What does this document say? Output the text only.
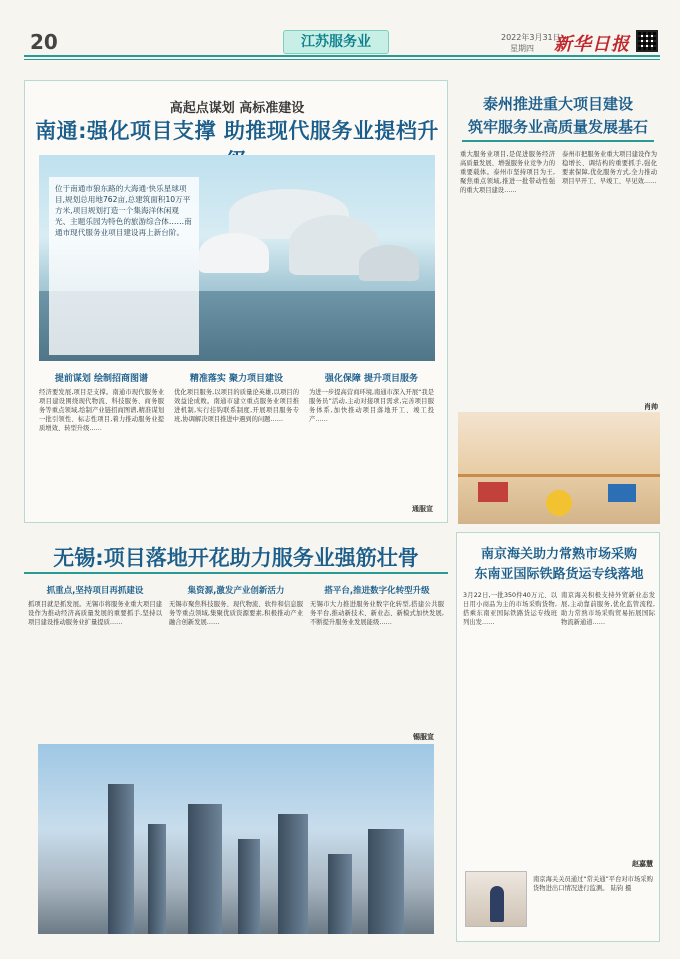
20	江苏服务业	2022年3月31日
星期四 新华日报
高起点谋划 高标准建设
南通:强化项目支撑 助推现代服务业提档升
位于南通市狼东路的大海通·快乐星球项目,规划总用地762亩,总建筑面积10万平方米,项目规划打造一个集海洋休闲观光、主题乐园为特色的旅游综合体……南通市现代服务业项目建设再上新台阶。
提前谋划 绘制招商图谱

经济要发展,项目是支撑。南通市现代服务业项目建设围绕现代物流、科技服务、商务服务等重点领域,绘制产业链招商图谱,精准谋划一批引领性、标志性项目,着力推动服务业提质增效、转型升级……

精准落实 聚力项目建设

优化项目服务,以项目的质量论英雄,以项目的效益论成败。南通市建立重点服务业项目推进机制,实行挂钩联系制度,开展项目服务专班,协调解决项目推进中遇到的问题……

强化保障 提升项目服务

为进一步提高营商环境,南通市深入开展“我是服务员”活动,主动对接项目需求,完善项目服务体系,加快推动项目落地开工、竣工投产……

通服宣
泰州推进重大项目建设
筑牢服务业高质量发展基石
重大服务业项目,是促进服务经济高质量发展、增强服务业竞争力的重要载体。泰州市坚持项目为王,聚焦重点领域,推进一批带动性强的重大项目建设……
泰州市把服务业重大项目建设作为稳增长、调结构的重要抓手,强化要素保障,优化服务方式,全力推动项目早开工、早竣工、早见效……
肖帅
无锡:项目落地开花助力服务业强筋壮骨
抓重点,坚持项目再抓建设
抓项目就是抓发展。无锡市将服务业重大项目建设作为推动经济高质量发展的重要抓手,坚持以项目建设推动服务业扩量提质……
集资源,激发产业创新活力
无锡市聚焦科技服务、现代物流、软件和信息服务等重点领域,集聚优质资源要素,积极推动产业融合创新发展……
搭平台,推进数字化转型升级
无锡市大力推进服务业数字化转型,搭建公共服务平台,推动新技术、新业态、新模式加快发展,不断提升服务业发展能级……
锡服宣
南京海关助力常熟市场采购
东南亚国际铁路货运专线落地
3月22日,一批350件40万元、以日用小商品为主的市场采购货物,搭乘东南亚国际铁路货运专线班列出发……
南京海关积极支持外贸新业态发展,主动靠前服务,优化监管流程,助力常熟市场采购贸易拓展国际物流新通道……
赵嘉慧
南京海关关员通过“常关通”平台对市场采购货物进出口情况进行监测。 陆钧 摄
